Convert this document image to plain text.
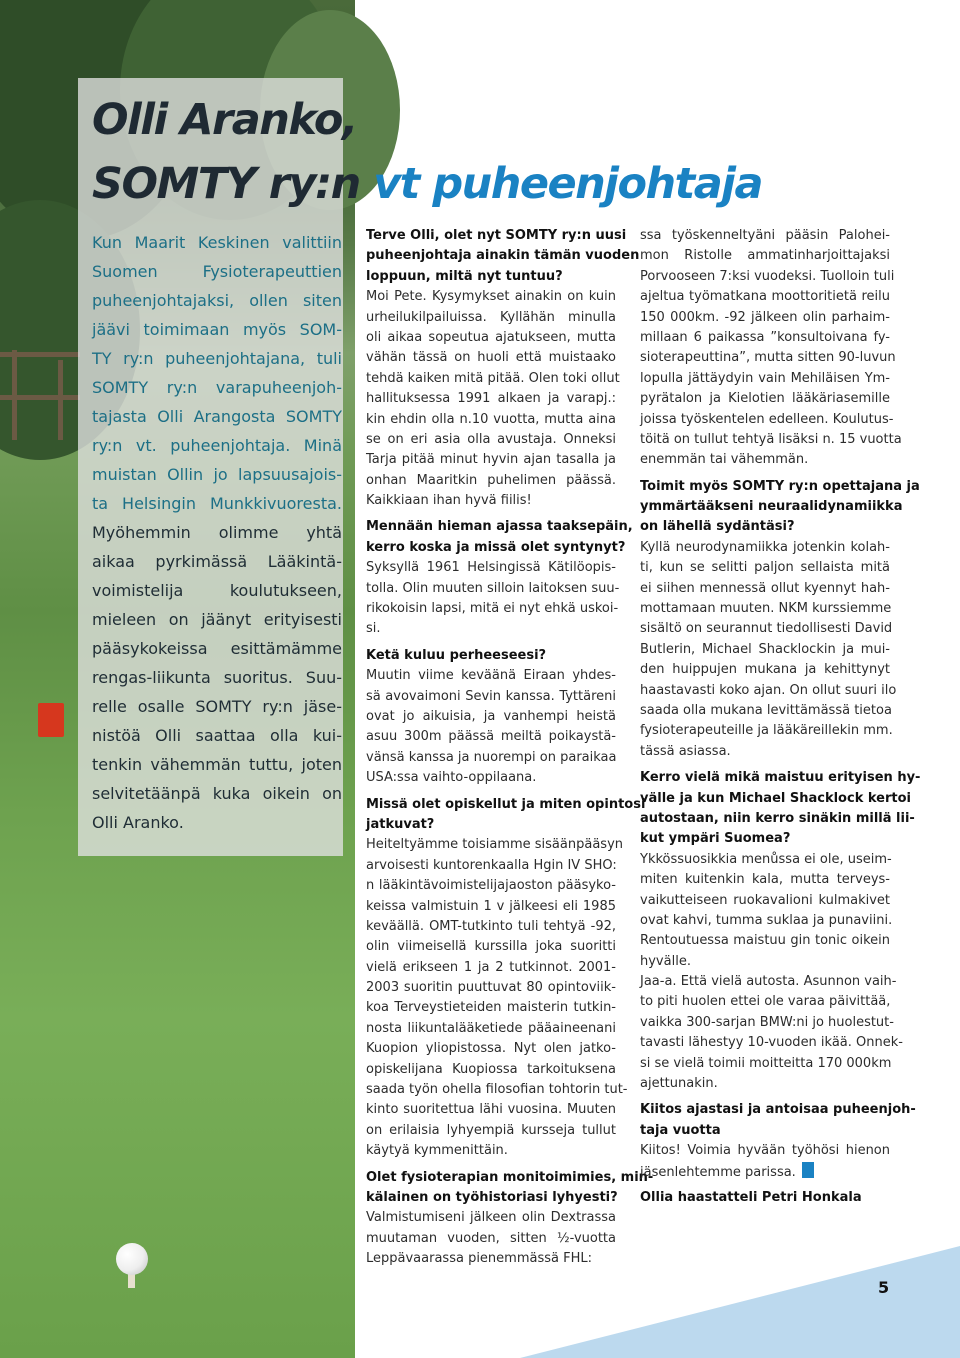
Olli Aranko,
SOMTY ry:n vt puheenjohtaja
Kun Maarit Keskinen valittiin
Suomen Fysioterapeuttien
puheenjohtajaksi, ollen siten
jäävi toimimaan myös SOM-
TY ry:n puheenjohtajana, tuli
SOMTY ry:n varapuheenjoh-
tajasta Olli Arangosta SOMTY
ry:n vt. puheenjohtaja. Minä
muistan Ollin jo lapsuusajois-
ta Helsingin Munkkivuoresta.
Myöhemmin olimme yhtä
aikaa pyrkimässä Lääkintä-
voimistelija koulutukseen,
mieleen on jäänyt erityisesti
pääsykokeissa esittämämme
rengas-liikunta suoritus. Suu-
relle osalle SOMTY ry:n jäse-
nistöä Olli saattaa olla kui-
tenkin vähemmän tuttu, joten
selvitetäänpä kuka oikein on
Olli Aranko.
Terve Olli, olet nyt SOMTY ry:n uusi
puheenjohtaja ainakin tämän vuoden
loppuun, miltä nyt tuntuu?
Moi Pete. Kysymykset ainakin on kuin
urheilukilpailuissa. Kyllähän minulla
oli aikaa sopeutua ajatukseen, mutta
vähän tässä on huoli että muistaako
tehdä kaiken mitä pitää. Olen toki ollut
hallituksessa 1991 alkaen ja varapj.:
kin ehdin olla n.10 vuotta, mutta aina
se on eri asia olla avustaja. Onneksi
Tarja pitää minut hyvin ajan tasalla ja
onhan Maaritkin puhelimen päässä.
Kaikkiaan ihan hyvä fiilis!
Mennään hieman ajassa taaksepäin,
kerro koska ja missä olet syntynyt?
Syksyllä 1961 Helsingissä Kätilöopis-
tolla. Olin muuten silloin laitoksen suu-
rikokoisin lapsi, mitä ei nyt ehkä uskoi-
si.
Ketä kuluu perheeseesi?
Muutin viime keväänä Eiraan yhdes-
sä avovaimoni Sevin kanssa. Tyttäreni
ovat jo aikuisia, ja vanhempi heistä
asuu 300m päässä meiltä poikaystä-
vänsä kanssa ja nuorempi on paraikaa
USA:ssa vaihto-oppilaana.
Missä olet opiskellut ja miten opintosi
jatkuvat?
Heiteltyämme toisiamme sisäänpääsyn
arvoisesti kuntorenkaalla Hgin IV SHO:
n lääkintävoimistelijajaoston pääsyko-
keissa valmistuin 1 v jälkeesi eli 1985
keväällä. OMT-tutkinto tuli tehtyä -92,
olin viimeisellä kurssilla joka suoritti
vielä erikseen 1 ja 2 tutkinnot. 2001-
2003 suoritin puuttuvat 80 opintoviik-
koa Terveystieteiden maisterin tutkin-
nosta liikuntalääketiede pääaineenani
Kuopion yliopistossa. Nyt olen jatko-
opiskelijana Kuopiossa tarkoituksena
saada työn ohella filosofian tohtorin tut-
kinto suoritettua lähi vuosina. Muuten
on erilaisia lyhyempiä kursseja tullut
käytyä kymmenittäin.
Olet fysioterapian monitoimimies, min-
kälainen on työhistoriasi lyhyesti?
Valmistumiseni jälkeen olin Dextrassa
muutaman vuoden, sitten ½-vuotta
Leppävaarassa pienemmässä FHL:
ssa työskenneltyäni pääsin Palohei-
mon Ristolle ammatinharjoittajaksi
Porvooseen 7:ksi vuodeksi. Tuolloin tuli
ajeltua työmatkana moottoritietä reilu
150 000km. -92 jälkeen olin parhaim-
millaan 6 paikassa ”konsultoivana fy-
sioterapeuttina”, mutta sitten 90-luvun
lopulla jättäydyin vain Mehiläisen Ym-
pyrätalon ja Kielotien lääkäriasemille
joissa työskentelen edelleen. Koulutus-
töitä on tullut tehtyä lisäksi n. 15 vuotta
enemmän tai vähemmän.
Toimit myös SOMTY ry:n opettajana ja
ymmärtääkseni neuraalidynamiikka
on lähellä sydäntäsi?
Kyllä neurodynamiikka jotenkin kolah-
ti, kun se selitti paljon sellaista mitä
ei siihen mennessä ollut kyennyt hah-
mottamaan muuten. NKM kurssiemme
sisältö on seurannut tiedollisesti David
Butlerin, Michael Shacklockin ja mui-
den huippujen mukana ja kehittynyt
haastavasti koko ajan. On ollut suuri ilo
saada olla mukana levittämässä tietoa
fysioterapeuteille ja lääkäreillekin mm.
tässä asiassa.
Kerro vielä mikä maistuu erityisen hy-
välle ja kun Michael Shacklock kertoi
autostaan, niin kerro sinäkin millä lii-
kut ympäri Suomea?
Ykkössuosikkia menůssa ei ole, useim-
miten kuitenkin kala, mutta terveys-
vaikutteiseen ruokavalioni kulmakivet
ovat kahvi, tumma suklaa ja punaviini.
Rentoutuessa maistuu gin tonic oikein
hyvälle.
Jaa-a. Että vielä autosta. Asunnon vaih-
to piti huolen ettei ole varaa päivittää,
vaikka 300-sarjan BMW:ni jo huolestut-
tavasti lähestyy 10-vuoden ikää. Onnek-
si se vielä toimii moitteitta 170 000km
ajettunakin.
Kiitos ajastasi ja antoisaa puheenjoh-
taja vuotta
Kiitos! Voimia hyvään työhösi hienon
jäsenlehtemme parissa.
Ollia haastatteli Petri Honkala
5
